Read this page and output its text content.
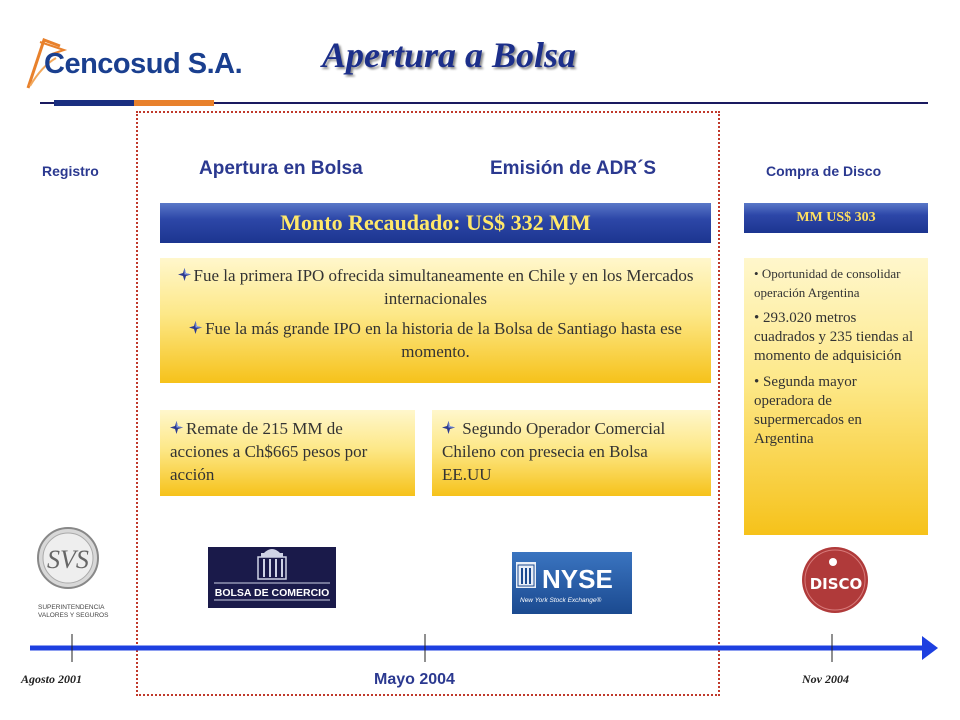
Cencosud S.A. Apertura a Bolsa
Registro	Apertura en Bolsa	Emisión de ADR´S	Compra de Disco
Monto Recaudado: US$ 332 MM	MM US$ 303

Fue la primera IPO ofrecida simultaneamente en Chile y en los Mercados internacionales

Fue la más grande IPO en la historia de la Bolsa de Santiago hasta ese momento.

Remate de 215 MM de acciones a Ch$665 pesos por acción
Segundo Operador Comercial Chileno con presecia en Bolsa EE.UU

• Oportunidad de consolidar operación Argentina

• 293.020 metros cuadrados y 235 tiendas al momento de adquisición

• Segunda mayor operadora de supermercados en Argentina

SVS
SUPERINTENDENCIA
VALORES Y SEGUROS
BOLSA DE COMERCIO	NYSE
New York Stock Exchange®
DISCO
Agosto 2001	Mayo 2004	Nov 2004
